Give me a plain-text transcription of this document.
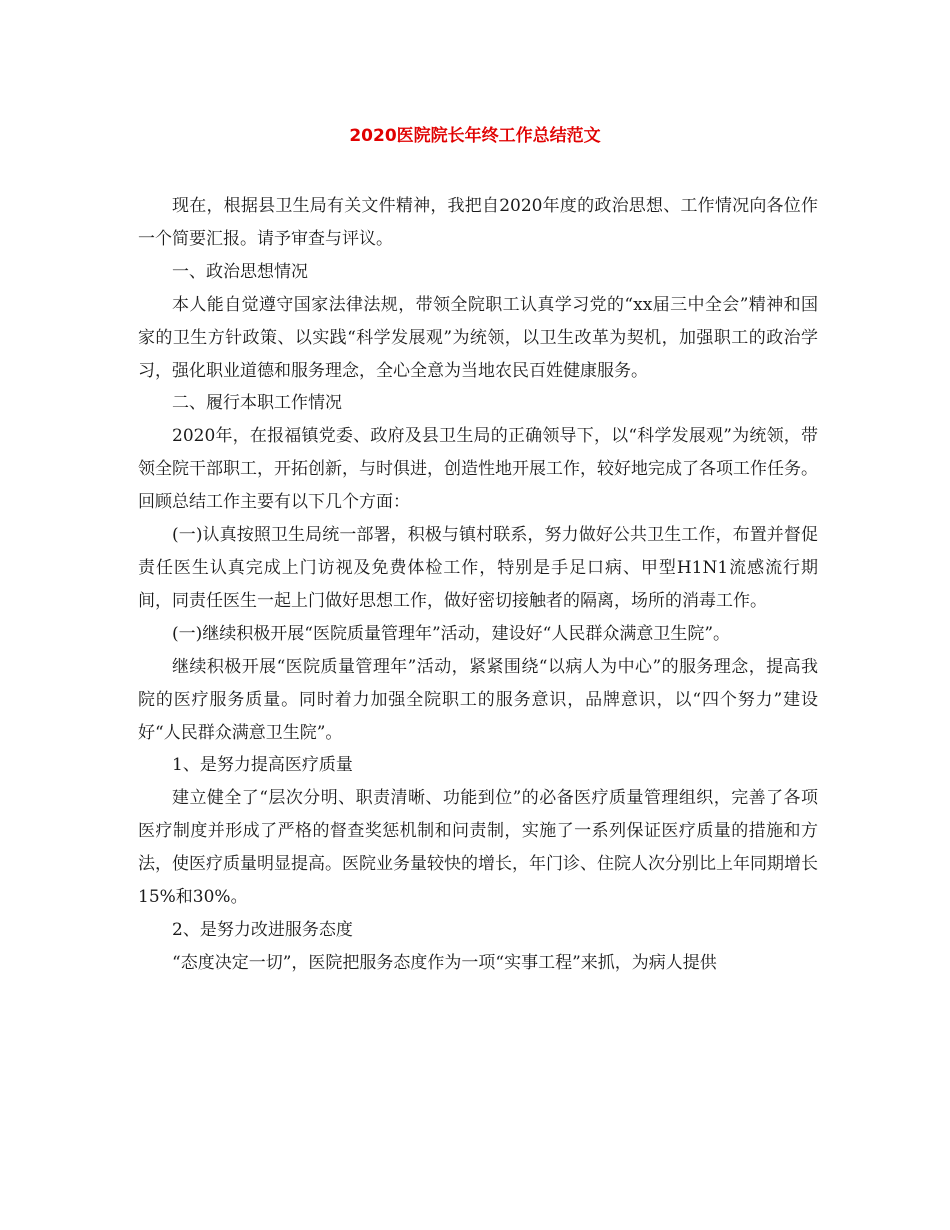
2020医院院长年终工作总结范文

现在，根据县卫生局有关文件精神，我把自2020年度的政治思想、工作情况向各位作一个简要汇报。请予审查与评议。

一、政治思想情况

本人能自觉遵守国家法律法规，带领全院职工认真学习党的“xx届三中全会”精神和国家的卫生方针政策、以实践“科学发展观”为统领，以卫生改革为契机，加强职工的政治学习，强化职业道德和服务理念，全心全意为当地农民百姓健康服务。

二、履行本职工作情况

2020年，在报福镇党委、政府及县卫生局的正确领导下，以“科学发展观”为统领，带领全院干部职工，开拓创新，与时俱进，创造性地开展工作，较好地完成了各项工作任务。回顾总结工作主要有以下几个方面：

(一)认真按照卫生局统一部署，积极与镇村联系，努力做好公共卫生工作，布置并督促责任医生认真完成上门访视及免费体检工作，特别是手足口病、甲型H1N1流感流行期间，同责任医生一起上门做好思想工作，做好密切接触者的隔离，场所的消毒工作。

(一)继续积极开展“医院质量管理年”活动，建设好“人民群众满意卫生院”。

继续积极开展“医院质量管理年”活动，紧紧围绕“以病人为中心”的服务理念，提高我院的医疗服务质量。同时着力加强全院职工的服务意识，品牌意识，以“四个努力”建设好“人民群众满意卫生院”。

1、是努力提高医疗质量

建立健全了“层次分明、职责清晰、功能到位”的必备医疗质量管理组织，完善了各项医疗制度并形成了严格的督查奖惩机制和问责制，实施了一系列保证医疗质量的措施和方法，使医疗质量明显提高。医院业务量较快的增长，年门诊、住院人次分别比上年同期增长15%和30%。

2、是努力改进服务态度

“态度决定一切”，医院把服务态度作为一项“实事工程”来抓，为病人提供
